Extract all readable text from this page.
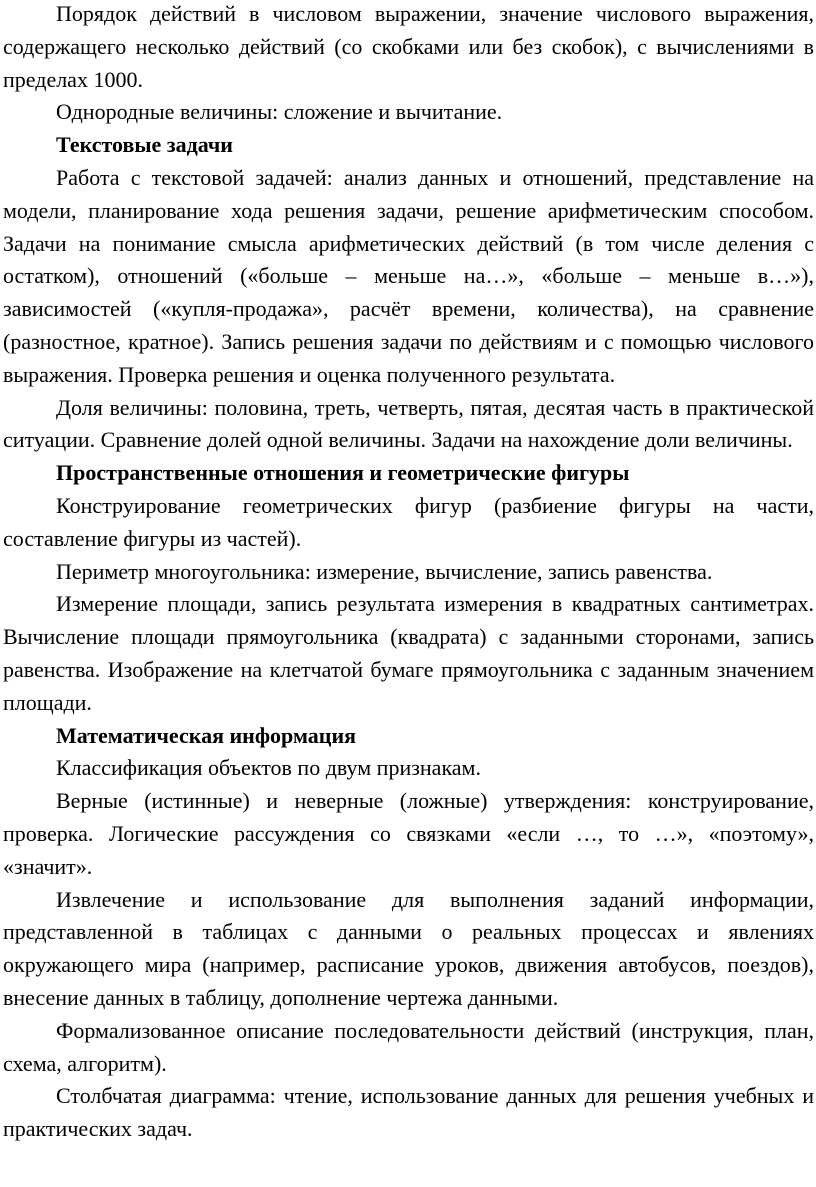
Порядок действий в числовом выражении, значение числового выражения, содержащего несколько действий (со скобками или без скобок), с вычислениями в пределах 1000.

Однородные величины: сложение и вычитание.

Текстовые задачи

Работа с текстовой задачей: анализ данных и отношений, представление на модели, планирование хода решения задачи, решение арифметическим способом. Задачи на понимание смысла арифметических действий (в том числе деления с остатком), отношений («больше – меньше на…», «больше – меньше в…»), зависимостей («купля-продажа», расчёт времени, количества), на сравнение (разностное, кратное). Запись решения задачи по действиям и с помощью числового выражения. Проверка решения и оценка полученного результата.

Доля величины: половина, треть, четверть, пятая, десятая часть в практической ситуации. Сравнение долей одной величины. Задачи на нахождение доли величины.

Пространственные отношения и геометрические фигуры

Конструирование геометрических фигур (разбиение фигуры на части, составление фигуры из частей).

Периметр многоугольника: измерение, вычисление, запись равенства.

Измерение площади, запись результата измерения в квадратных сантиметрах. Вычисление площади прямоугольника (квадрата) с заданными сторонами, запись равенства. Изображение на клетчатой бумаге прямоугольника с заданным значением площади.

Математическая информация

Классификация объектов по двум признакам.

Верные (истинные) и неверные (ложные) утверждения: конструирование, проверка. Логические рассуждения со связками «если …, то …», «поэтому», «значит».

Извлечение и использование для выполнения заданий информации, представленной в таблицах с данными о реальных процессах и явлениях окружающего мира (например, расписание уроков, движения автобусов, поездов), внесение данных в таблицу, дополнение чертежа данными.

Формализованное описание последовательности действий (инструкция, план, схема, алгоритм).

Столбчатая диаграмма: чтение, использование данных для решения учебных и практических задач.
